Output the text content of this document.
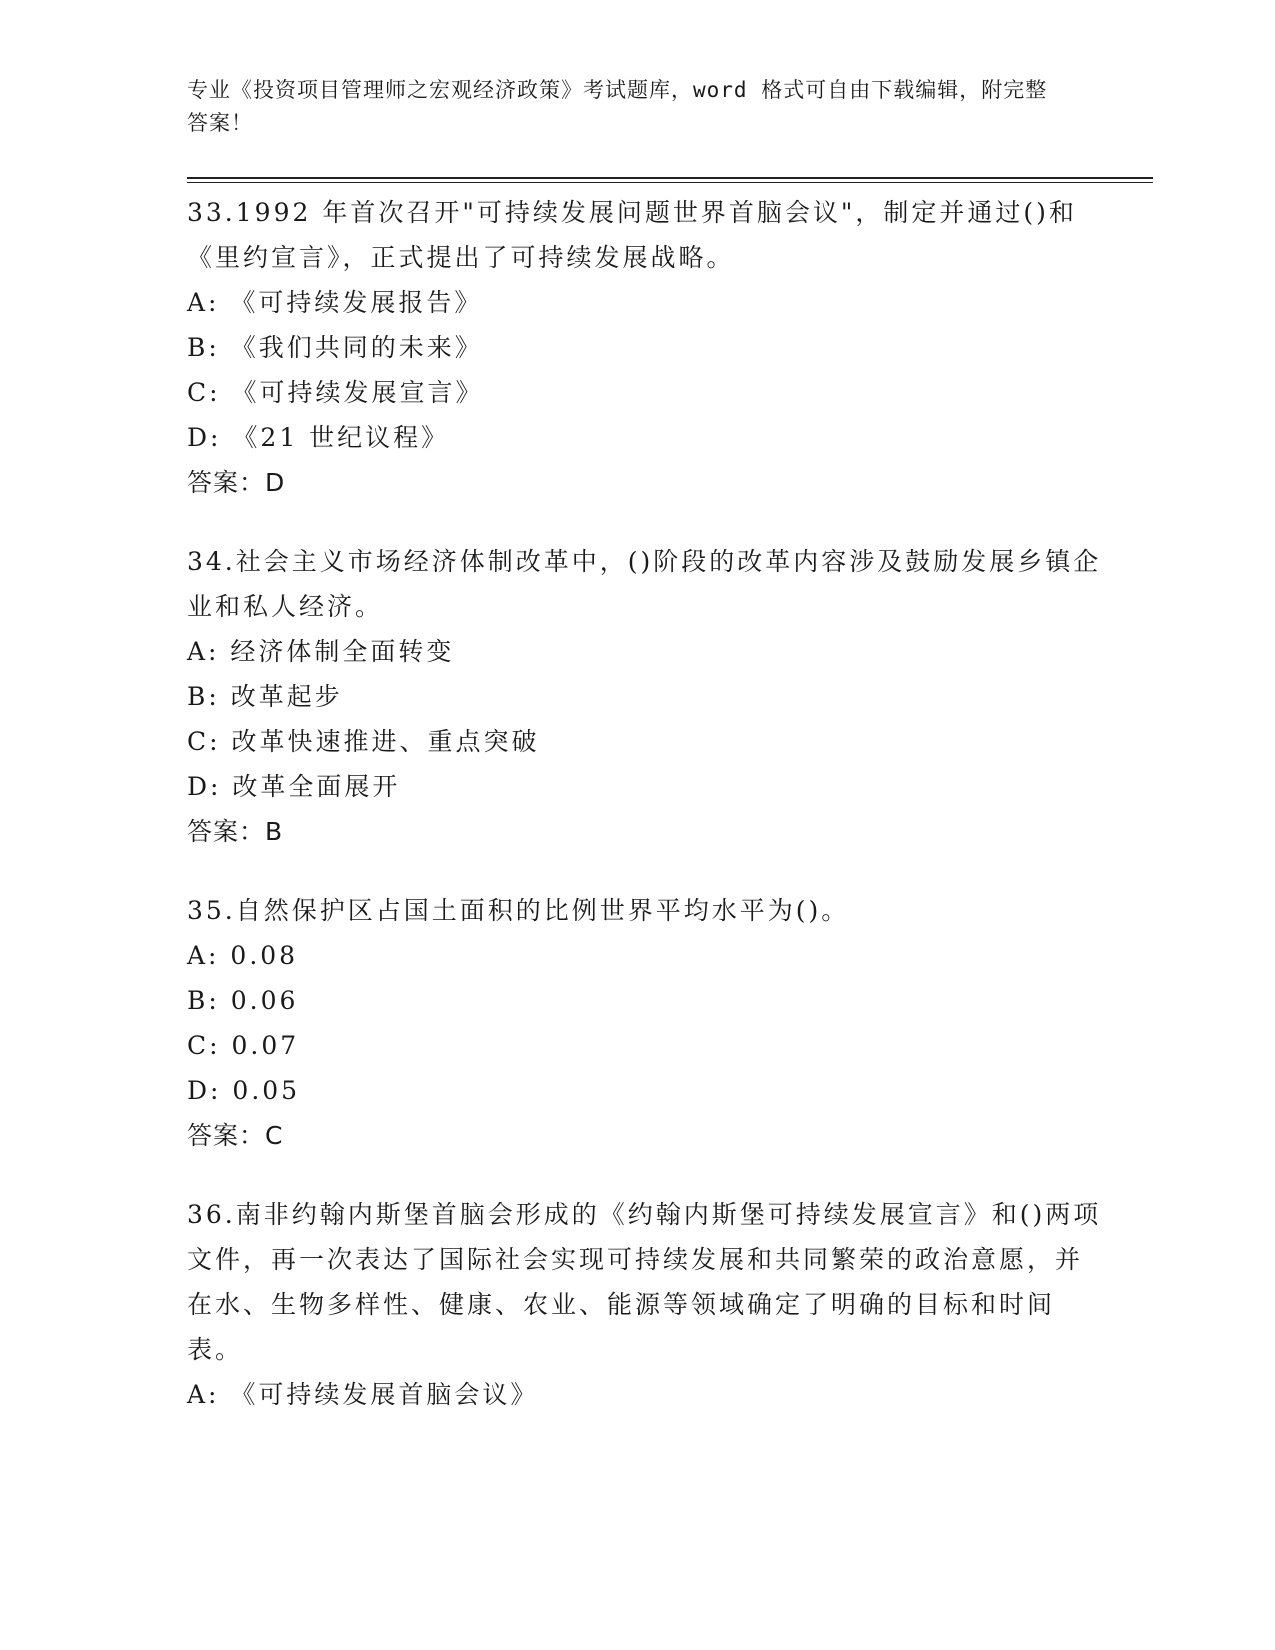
专业《投资项目管理师之宏观经济政策》考试题库，word 格式可自由下载编辑，附完整答案！

33.1992 年首次召开"可持续发展问题世界首脑会议"，制定并通过()和《里约宣言》，正式提出了可持续发展战略。

A: 《可持续发展报告》

B: 《我们共同的未来》

C: 《可持续发展宣言》

D: 《21 世纪议程》

答案：D

34.社会主义市场经济体制改革中，()阶段的改革内容涉及鼓励发展乡镇企业和私人经济。

A: 经济体制全面转变

B: 改革起步

C: 改革快速推进、重点突破

D: 改革全面展开

答案：B

35.自然保护区占国土面积的比例世界平均水平为()。

A: 0.08

B: 0.06

C: 0.07

D: 0.05

答案：C

36.南非约翰内斯堡首脑会形成的《约翰内斯堡可持续发展宣言》和()两项文件，再一次表达了国际社会实现可持续发展和共同繁荣的政治意愿，并在水、生物多样性、健康、农业、能源等领域确定了明确的目标和时间表。

A: 《可持续发展首脑会议》
